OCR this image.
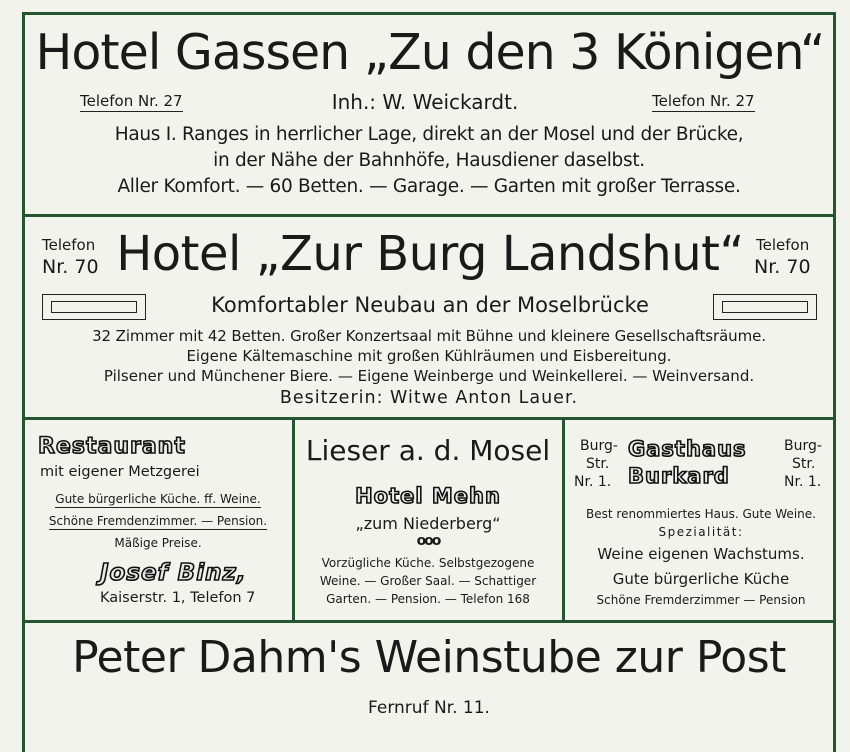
Hotel Gassen „Zu den 3 Königen“
Telefon Nr. 27	Inh.: W. Weickardt.	Telefon Nr. 27
Haus I. Ranges in herrlicher Lage, direkt an der Mosel und der Brücke,
in der Nähe der Bahnhöfe, Hausdiener daselbst.
Aller Komfort. — 60 Betten. — Garage. — Garten mit großer Terrasse.
Telefon
Nr. 70 Hotel „Zur Burg Landshut“ Telefon
Nr. 70
Komfortabler Neubau an der Moselbrücke
32 Zimmer mit 42 Betten. Großer Konzertsaal mit Bühne und kleinere Gesellschaftsräume.
Eigene Kältemaschine mit großen Kühlräumen und Eisbereitung.
Pilsener und Münchener Biere. — Eigene Weinberge und Weinkellerei. — Weinversand.
Besitzerin: Witwe Anton Lauer.
Restaurant
mit eigener Metzgerei
Gute bürgerliche Küche. ff. Weine.
Schöne Fremdenzimmer. — Pension.
Mäßige Preise.
Josef Binz,
Kaiserstr. 1, Telefon 7
Lieser a. d. Mosel
Hotel Mehn
„zum Niederberg“
ooo
Vorzügliche Küche. Selbstgezogene
Weine. — Großer Saal. — Schattiger
Garten. — Pension. — Telefon 168
Burg-
Str.
Nr. 1.
Gasthaus
Burkard
Burg-
Str.
Nr. 1.
Best renommiertes Haus. Gute Weine.
Spezialität:
Weine eigenen Wachstums.
Gute bürgerliche Küche
Schöne Fremderzimmer — Pension
Peter Dahm's Weinstube zur Post
Fernruf Nr. 11.
